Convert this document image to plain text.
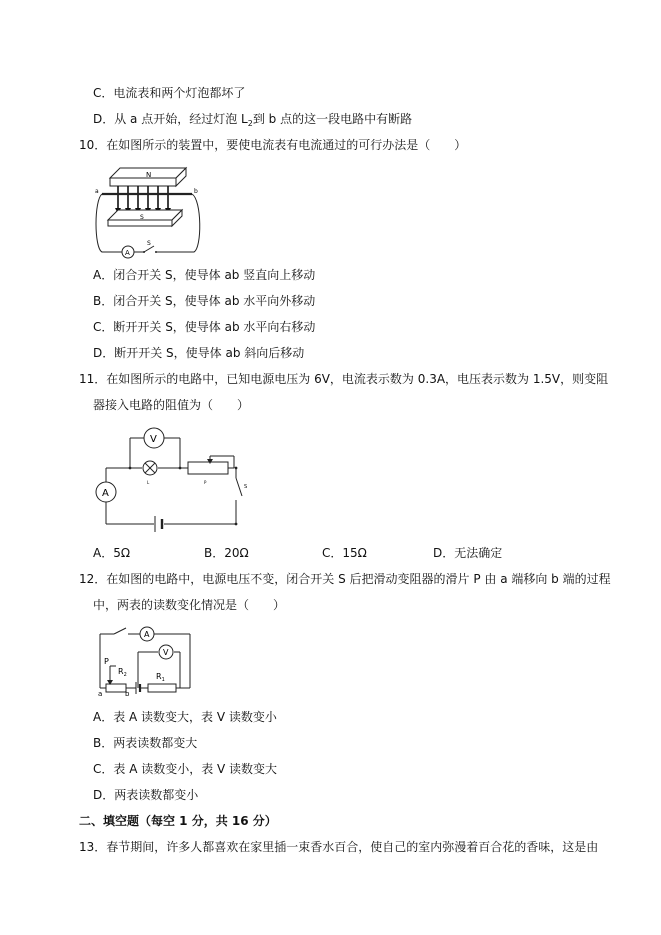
C．电流表和两个灯泡都坏了
D．从 a 点开始，经过灯泡 $L_2$到 b 点的这一段电路中有断路
10．在如图所示的装置中，要使电流表有电流通过的可行办法是（　　）
N
a	b
S
A
S
A．闭合开关 S，使导体 ab 竖直向上移动
B．闭合开关 S，使导体 ab 水平向外移动
C．断开开关 S，使导体 ab 水平向右移动
D．断开开关 S，使导体 ab 斜向后移动
11．在如图所示的电路中，已知电源电压为 6V，电流表示数为 0.3A，电压表示数为 1.5V，则变阻
器接入电路的阻值为（　　）
V
L	P
S
A
A．5Ω	B．20Ω	C．15Ω	D．无法确定
12．在如图的电路中，电源电压不变，闭合开关 S 后把滑动变阻器的滑片 P 由 a 端移向 b 端的过程
中，两表的读数变化情况是（　　）
A
V
P
$R_2$
a	b
$R_1$
A．表 A 读数变大，表 V 读数变小
B．两表读数都变大
C．表 A 读数变小，表 V 读数变大
D．两表读数都变小
二、填空题（每空 1 分，共 16 分）
13．春节期间，许多人都喜欢在家里插一束香水百合，使自己的室内弥漫着百合花的香味，这是由
